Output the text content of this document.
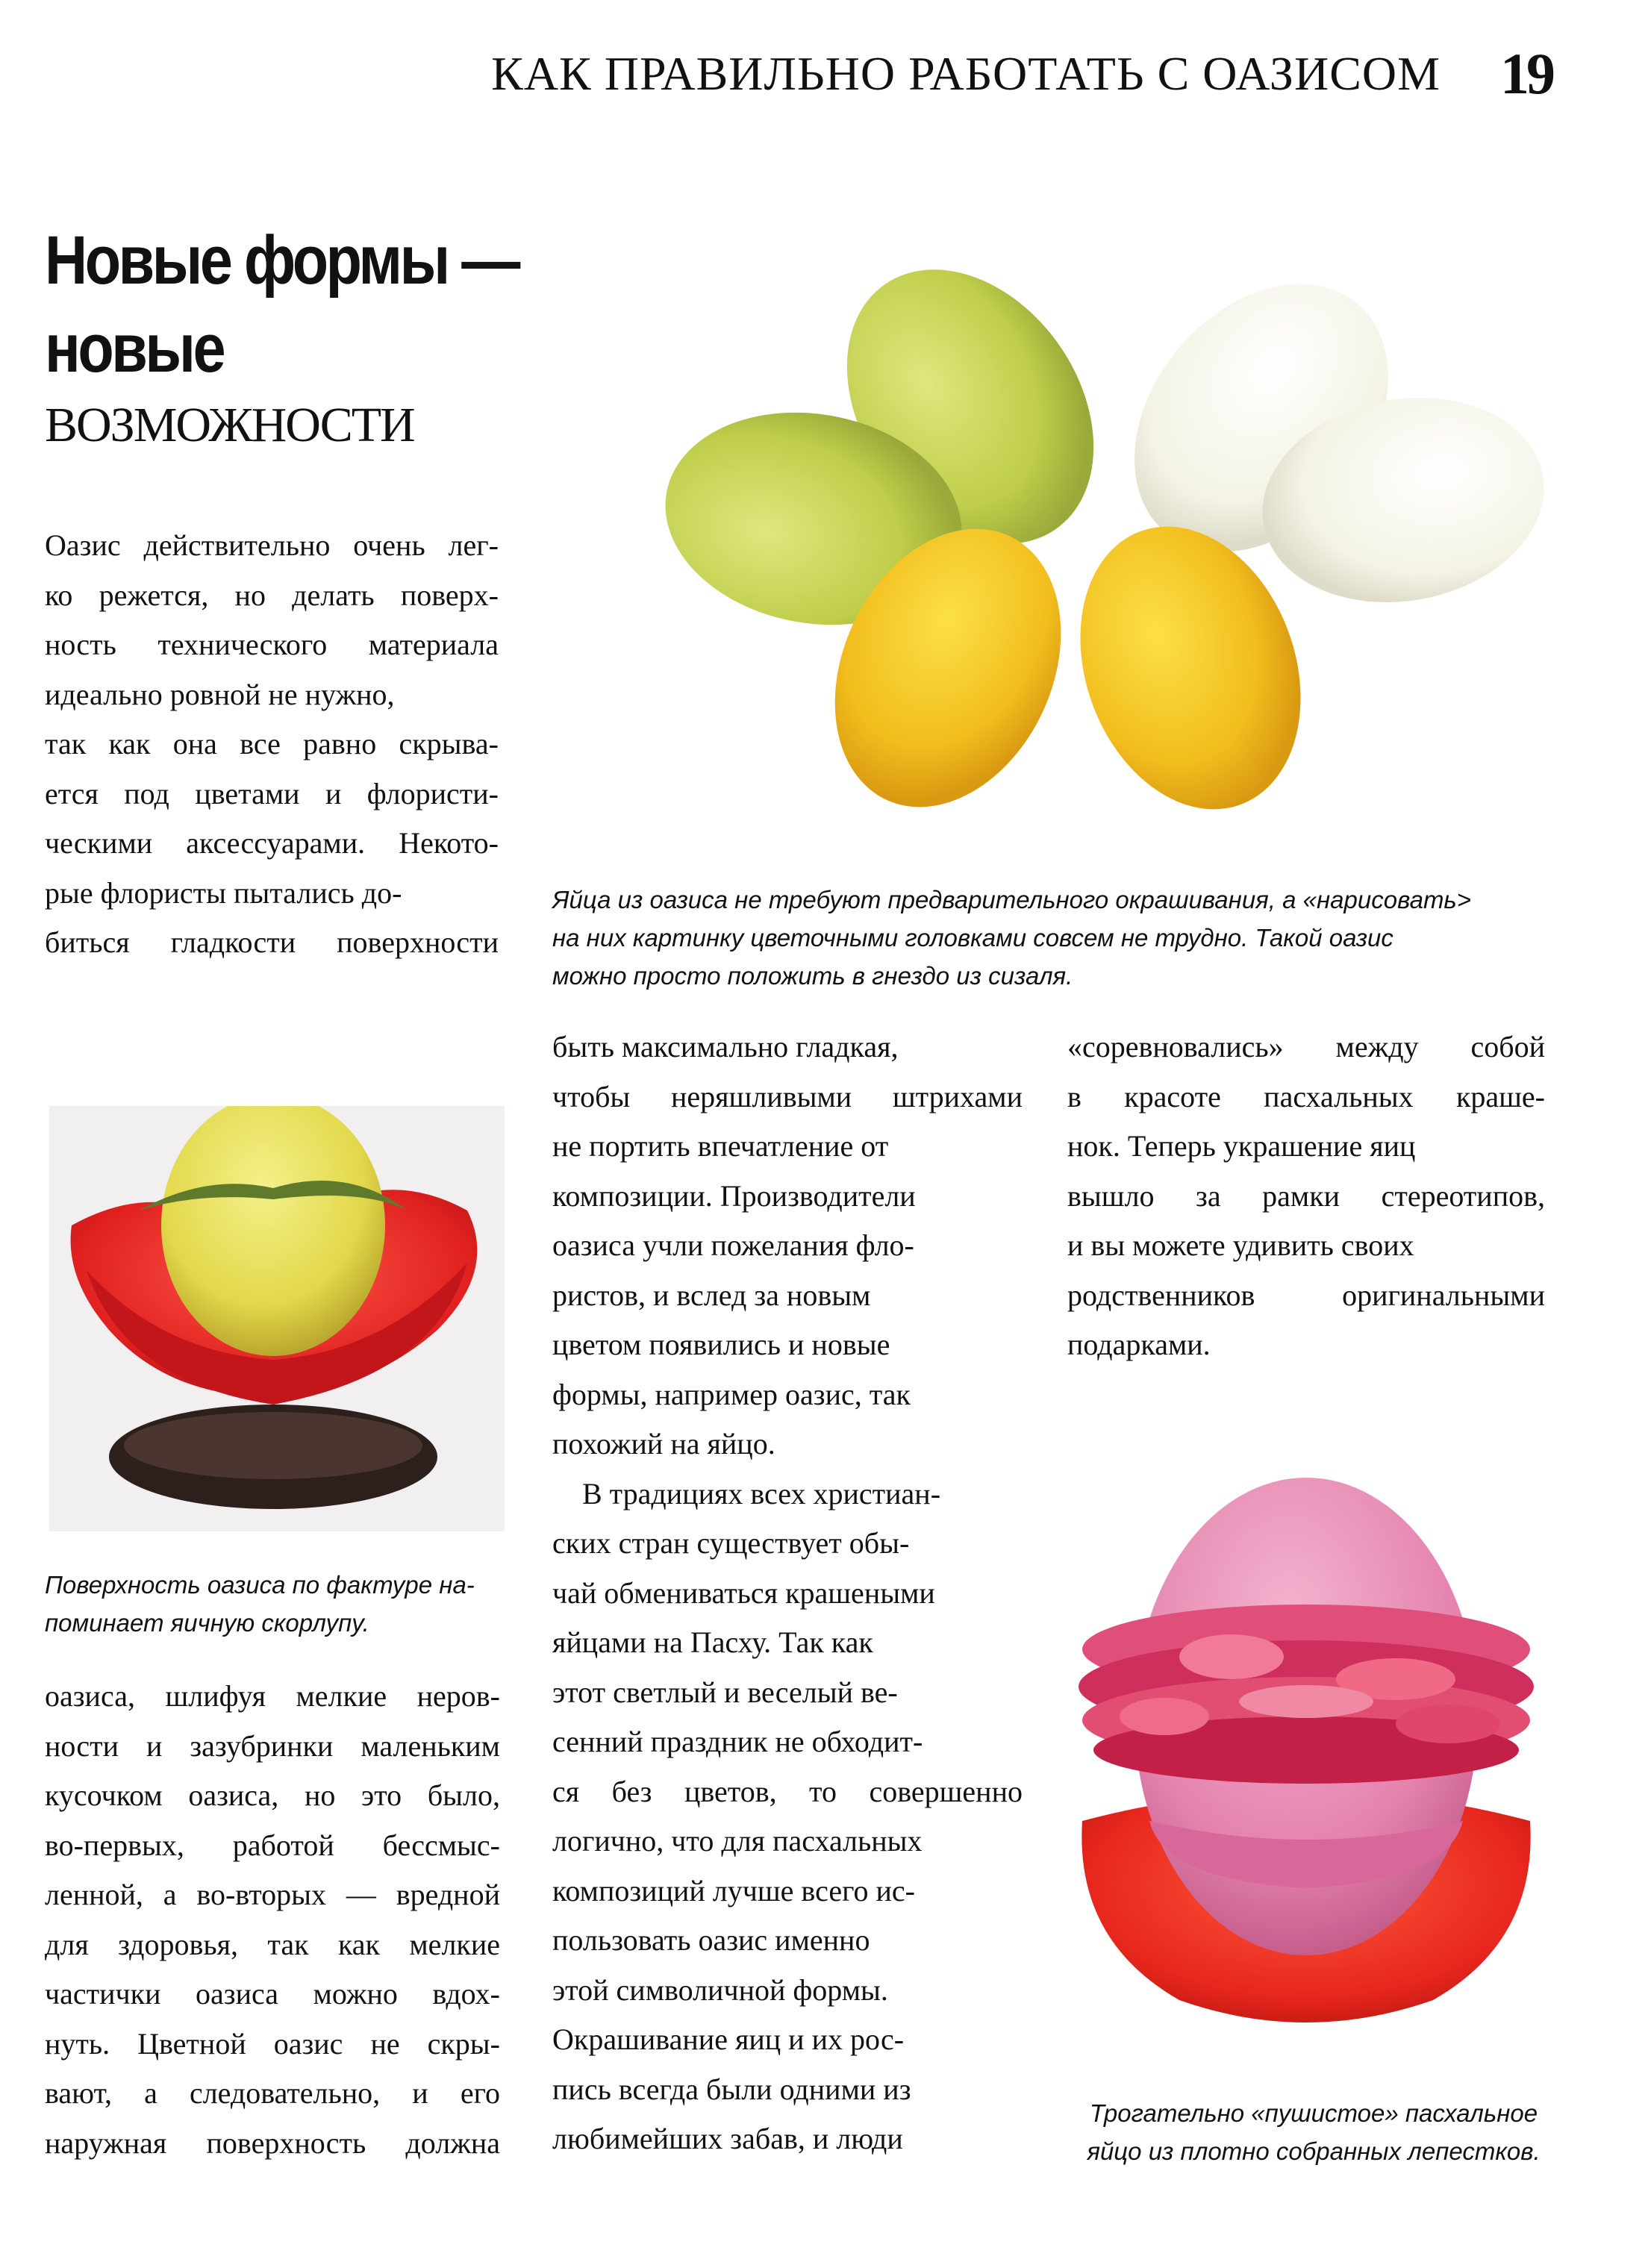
КАК ПРАВИЛЬНО РАБОТАТЬ С ОАЗИСОМ 19
Новые формы —
новые
ВОЗМОЖНОСТИ

Оазис действительно очень лег-

ко режется, но делать поверх-

ность технического материала

идеально ровной не нужно,

так как она все равно скрыва-

ется под цветами и флористи-

ческими аксессуарами. Некото-

рые флористы пытались до-

биться гладкости поверхности

Яйца из оазиса не требуют предварительного окрашивания, а «нарисовать>
на них картинку цветочными головками совсем не трудно. Такой оазис
можно просто положить в гнездо из сизаля.
Поверхность оазиса по фактуре на-
поминает яичную скорлупу.

оазиса, шлифуя мелкие неров-

ности и зазубринки маленьким

кусочком оазиса, но это было,

во-первых, работой бессмыс-

ленной, а во-вторых — вредной

для здоровья, так как мелкие

частички оазиса можно вдох-

нуть. Цветной оазис не скры-

вают, а следовательно, и его

наружная поверхность должна

быть максимально гладкая,

чтобы неряшливыми штрихами

не портить впечатление от

композиции. Производители

оазиса учли пожелания фло-

ристов, и вслед за новым

цветом появились и новые

формы, например оазис, так

похожий на яйцо.

В традициях всех христиан-

ских стран существует обы-

чай обмениваться крашеными

яйцами на Пасху. Так как

этот светлый и веселый ве-

сенний праздник не обходит-

ся без цветов, то совершенно

логично, что для пасхальных

композиций лучше всего ис-

пользовать оазис именно

этой символичной формы.

Окрашивание яиц и их рос-

пись всегда были одними из

любимейших забав, и люди

«соревновались» между собой

в красоте пасхальных краше-

нок. Теперь украшение яиц

вышло за рамки стереотипов,

и вы можете удивить своих

родственников оригинальными

подарками.

Трогательно «пушистое» пасхальное
яйцо из плотно собранных лепестков.
